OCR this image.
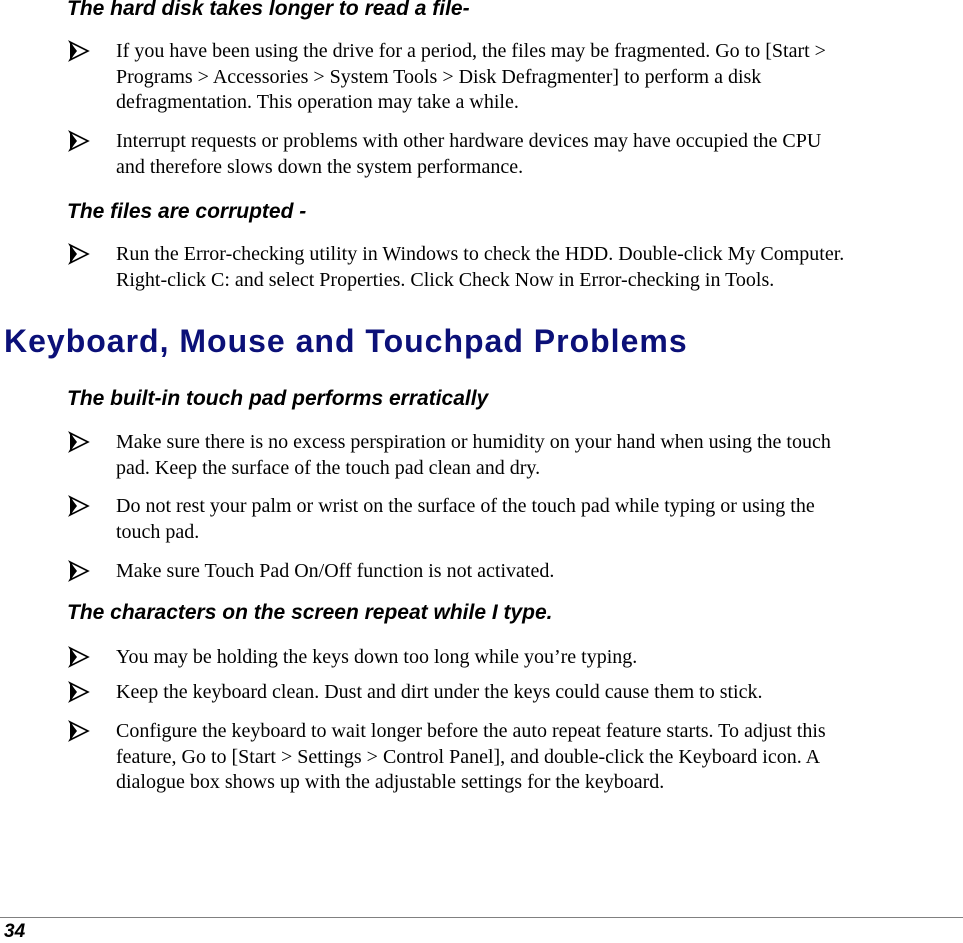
The hard disk takes longer to read a file-
If you have been using the drive for a period, the files may be fragmented. Go to [Start >
Programs > Accessories > System Tools > Disk Defragmenter] to perform a disk
defragmentation. This operation may take a while.
Interrupt requests or problems with other hardware devices may have occupied the CPU
and therefore slows down the system performance.
The files are corrupted -
Run the Error-checking utility in Windows to check the HDD. Double-click My Computer.
Right-click C: and select Properties. Click Check Now in Error-checking in Tools.
Keyboard, Mouse and Touchpad Problems
The built-in touch pad performs erratically
Make sure there is no excess perspiration or humidity on your hand when using the touch
pad. Keep the surface of the touch pad clean and dry.
Do not rest your palm or wrist on the surface of the touch pad while typing or using the
touch pad.
Make sure Touch Pad On/Off function is not activated.
The characters on the screen repeat while I type.
You may be holding the keys down too long while you’re typing.
Keep the keyboard clean. Dust and dirt under the keys could cause them to stick.
Configure the keyboard to wait longer before the auto repeat feature starts. To adjust this
feature, Go to [Start > Settings > Control Panel], and double-click the Keyboard icon. A
dialogue box shows up with the adjustable settings for the keyboard.
34
